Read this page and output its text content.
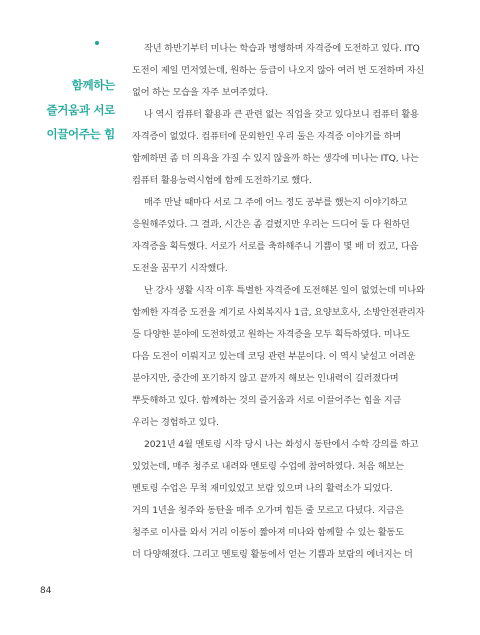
함께하는
즐거움과 서로
이끌어주는 힘
작년 하반기부터 미나는 학습과 병행하며 자격증에 도전하고 있다. ITQ
도전이 제일 먼저였는데, 원하는 등급이 나오지 않아 여러 번 도전하며 자신
없어 하는 모습을 자주 보여주었다.
나 역시 컴퓨터 활용과 큰 관련 없는 직업을 갖고 있다보니 컴퓨터 활용
자격증이 없었다. 컴퓨터에 문외한인 우리 둘은 자격증 이야기를 하며
함께하면 좀 더 의욕을 가질 수 있지 않을까 하는 생각에 미나는 ITQ, 나는
컴퓨터 활용능력시험에 함께 도전하기로 했다.
매주 만날 때마다 서로 그 주에 어느 정도 공부를 했는지 이야기하고
응원해주었다. 그 결과, 시간은 좀 걸렸지만 우리는 드디어 둘 다 원하던
자격증을 획득했다. 서로가 서로를 축하해주니 기쁨이 몇 배 더 컸고, 다음
도전을 꿈꾸기 시작했다.
난 강사 생활 시작 이후 특별한 자격증에 도전해본 일이 없었는데 미나와
함께한 자격증 도전을 계기로 사회복지사 1급, 요양보호사, 소방안전관리자
등 다양한 분야에 도전하였고 원하는 자격증을 모두 획득하였다. 미나도
다음 도전이 이뤄지고 있는데 코딩 관련 부분이다. 이 역시 낯설고 어려운
분야지만, 중간에 포기하지 않고 끝까지 해보는 인내력이 길러졌다며
뿌듯해하고 있다. 함께하는 것의 즐거움과 서로 이끌어주는 힘을 지금
우리는 경험하고 있다.
2021년 4월 멘토링 시작 당시 나는 화성시 동탄에서 수학 강의를 하고
있었는데, 매주 청주로 내려와 멘토링 수업에 참여하였다. 처음 해보는
멘토링 수업은 무척 재미있었고 보람 있으며 나의 활력소가 되었다.
거의 1년을 청주와 동탄을 매주 오가며 힘든 줄 모르고 다녔다. 지금은
청주로 이사를 와서 거리 이동이 짧아져 미나와 함께할 수 있는 활동도
더 다양해졌다. 그리고 멘토링 활동에서 얻는 기쁨과 보람의 에너지는 더
84
